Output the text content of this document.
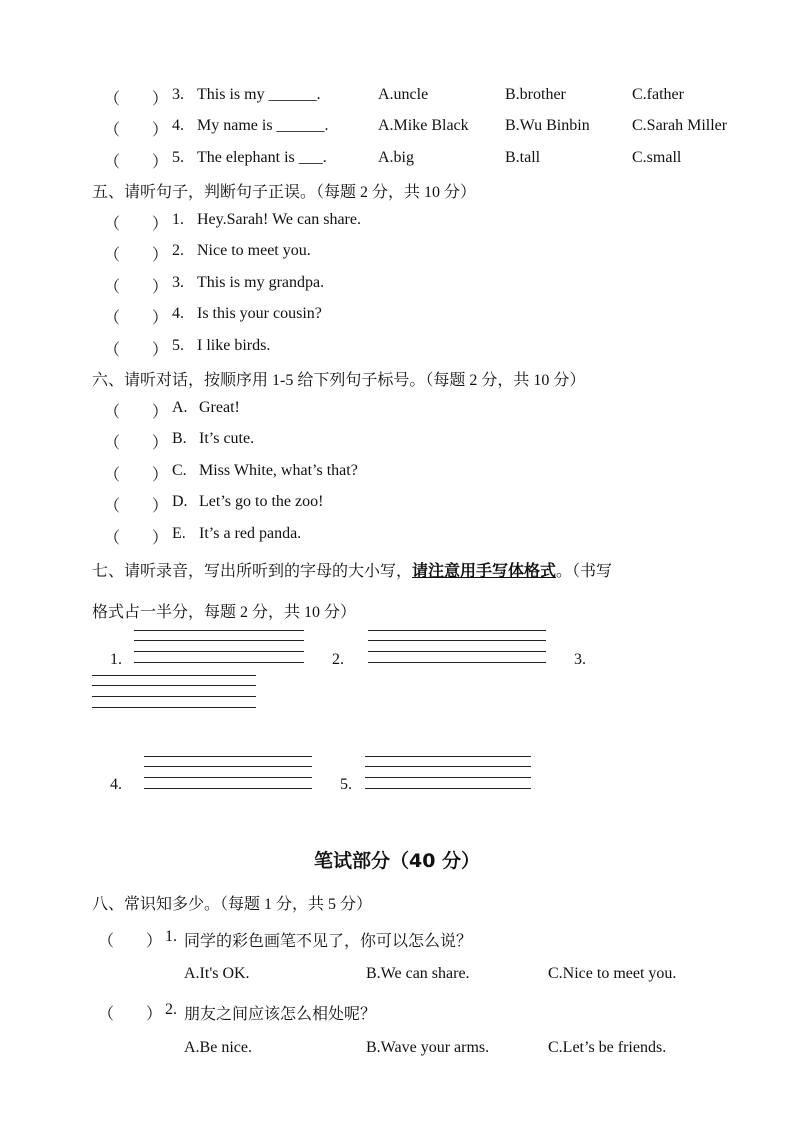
（ ） 3. This is my ______.	A.uncle	B.brother	C.father
（ ） 4. My name is ______.	A.Mike Black B.Wu Binbin	C.Sarah Miller
（ ） 5. The elephant is ___.	A.big	B.tall	C.small
五、请听句子，判断句子正误。（每题 2 分，共 10 分）
（ ） 1. Hey.Sarah! We can share.
（ ） 2. Nice to meet you.
（ ） 3. This is my grandpa.
（ ） 4. Is this your cousin?
（ ） 5. I like birds.
六、请听对话，按顺序用 1-5 给下列句子标号。（每题 2 分，共 10 分）
（ ） A. Great!
（ ） B. It’s cute.
（ ） C. Miss White, what’s that?
（ ） D. Let’s go to the zoo!
（ ） E. It’s a red panda.
七、请听录音，写出所听到的字母的大小写，请注意用手写体格式。（书写
格式占一半分，每题 2 分，共 10 分）
1.	2.	3.
4.	5.
笔试部分（40 分）
八、常识知多少。（每题 1 分，共 5 分）
（ ） 1. 同学的彩色画笔不见了，你可以怎么说？
A.It's OK.	B.We can share.	C.Nice to meet you.
（ ） 2. 朋友之间应该怎么相处呢？
A.Be nice.	B.Wave your arms.	C.Let’s be friends.
